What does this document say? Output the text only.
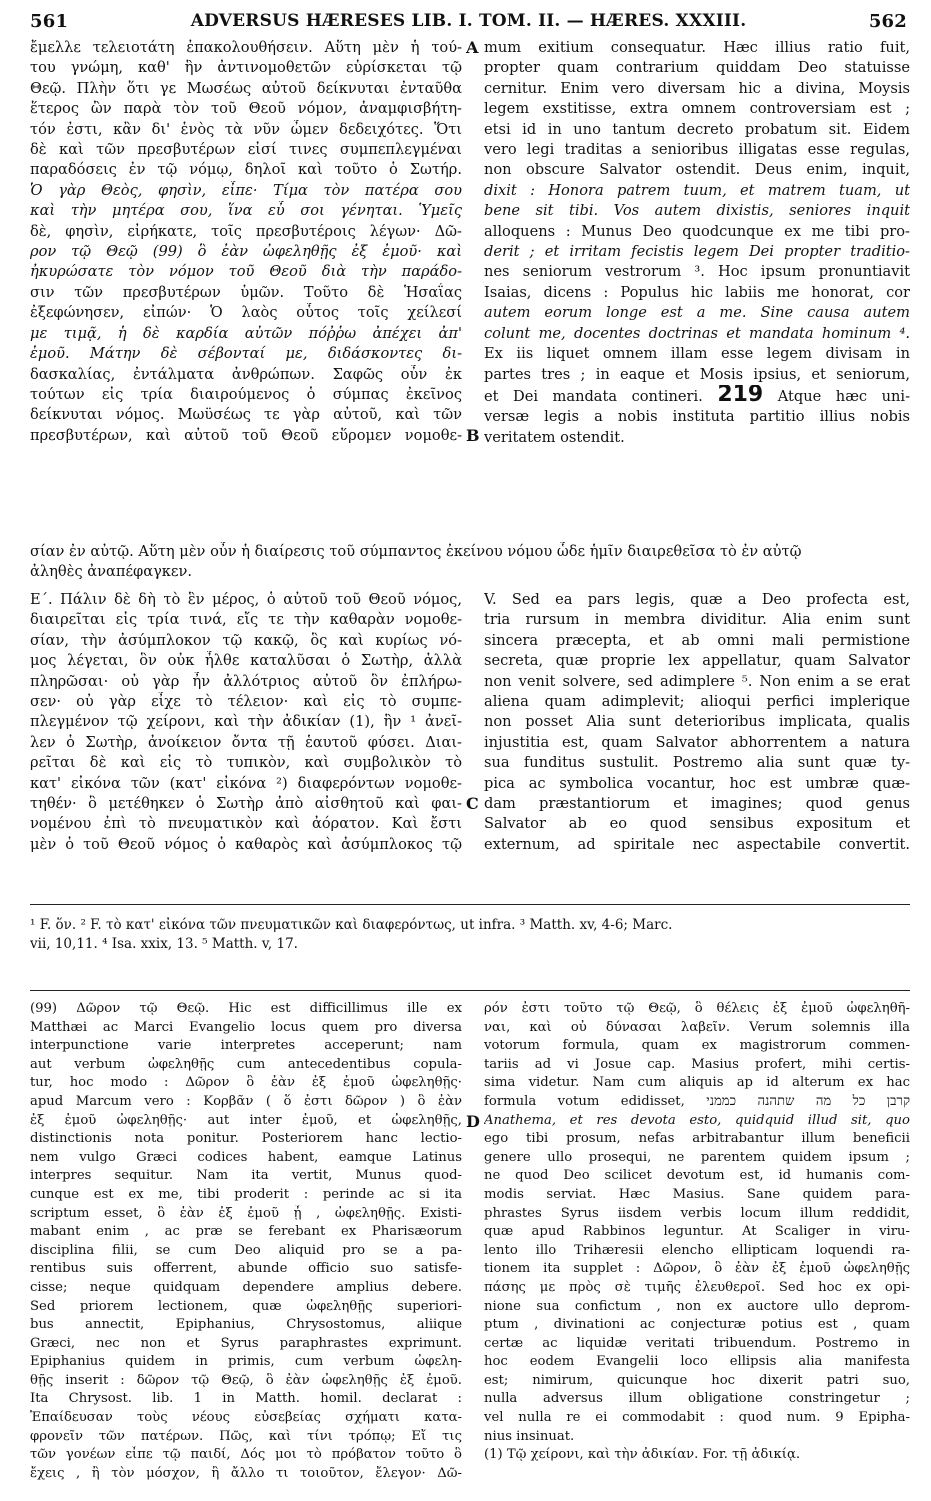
561	ADVERSUS HÆRESES LIB. I. TOM. II. — HÆRES. XXXIII.	562
ἔμελλε τελειοτάτη ἐπακολουθήσειν. Αὕτη μὲν ἡ τού-
του γνώμη, καθ' ἣν ἀντινομοθετῶν εὑρίσκεται τῷ
Θεῷ. Πλὴν ὅτι γε Μωσέως αὐτοῦ δείκνυται ἐνταῦθα
ἕτερος ὢν παρὰ τὸν τοῦ Θεοῦ νόμον, ἀναμφισβήτη-
τόν ἐστι, κἂν δι' ἑνὸς τὰ νῦν ὦμεν δεδειχότες. Ὅτι
δὲ καὶ τῶν πρεσβυτέρων εἰσί τινες συμπεπλεγμέναι
παραδόσεις ἐν τῷ νόμῳ, δηλοῖ καὶ τοῦτο ὁ Σωτήρ.
Ὁ γὰρ Θεὸς, φησὶν, εἶπε· Τίμα τὸν πατέρα σου
καὶ τὴν μητέρα σου, ἵνα εὖ σοι γένηται. Ὑμεῖς
δὲ, φησὶν, εἰρήκατε, τοῖς πρεσβυτέροις λέγων· Δῶ-
ρον τῷ Θεῷ (99) ὃ ἐὰν ὠφεληθῇς ἐξ ἐμοῦ· καὶ
ἠκυρώσατε τὸν νόμον τοῦ Θεοῦ διὰ τὴν παράδο-
σιν τῶν πρεσβυτέρων ὑμῶν. Τοῦτο δὲ Ἡσαΐας
ἐξεφώνησεν, εἰπών· Ὁ λαὸς οὗτος τοῖς χείλεσί
με τιμᾷ, ἡ δὲ καρδία αὐτῶν πόῤῥω ἀπέχει ἀπ'
ἐμοῦ. Μάτην δὲ σέβονταί με, διδάσκοντες δι-
δασκαλίας, ἐντάλματα ἀνθρώπων. Σαφῶς οὖν ἐκ
τούτων εἰς τρία διαιρούμενος ὁ σύμπας ἐκεῖνος
δείκνυται νόμος. Μωϋσέως τε γὰρ αὐτοῦ, καὶ τῶν
πρεσβυτέρων, καὶ αὐτοῦ τοῦ Θεοῦ εὕρομεν νομοθε-
A
B
mum exitium consequatur. Hæc illius ratio fuit,
propter quam contrarium quiddam Deo statuisse
cernitur. Enim vero diversam hic a divina, Moysis
legem exstitisse, extra omnem controversiam est ;
etsi id in uno tantum decreto probatum sit. Eidem
vero legi traditas a senioribus illigatas esse regulas,
non obscure Salvator ostendit. Deus enim, inquit,
dixit : Honora patrem tuum, et matrem tuam, ut
bene sit tibi. Vos autem dixistis, seniores inquit
alloquens : Munus Deo quodcunque ex me tibi pro-
derit ; et irritam fecistis legem Dei propter traditio-
nes seniorum vestrorum ³. Hoc ipsum pronuntiavit
Isaias, dicens : Populus hic labiis me honorat, cor
autem eorum longe est a me. Sine causa autem
colunt me, docentes doctrinas et mandata hominum ⁴.
Ex iis liquet omnem illam esse legem divisam in
partes tres ; in eaque et Mosis ipsius, et seniorum,
et Dei mandata contineri. 219 Atque hæc uni-
versæ legis a nobis instituta partitio illius nobis
veritatem ostendit.
σίαν ἐν αὐτῷ. Αὕτη μὲν οὖν ἡ διαίρεσις τοῦ σύμπαντος ἐκείνου νόμου ὧδε ἡμῖν διαιρεθεῖσα τὸ ἐν αὐτῷ
ἀληθὲς ἀναπέφαγκεν.
Ε΄. Πάλιν δὲ δὴ τὸ ἓν μέρος, ὁ αὐτοῦ τοῦ Θεοῦ νόμος,
διαιρεῖται εἰς τρία τινά, εἴς τε τὴν καθαρὰν νομοθε-
σίαν, τὴν ἀσύμπλοκον τῷ κακῷ, ὃς καὶ κυρίως νό-
μος λέγεται, ὃν οὐκ ἦλθε καταλῦσαι ὁ Σωτὴρ, ἀλλὰ
πληρῶσαι· οὐ γὰρ ἦν ἀλλότριος αὐτοῦ ὃν ἐπλήρω-
σεν· οὐ γὰρ εἶχε τὸ τέλειον· καὶ εἰς τὸ συμπε-
πλεγμένον τῷ χείρονι, καὶ τὴν ἀδικίαν (1), ἣν ¹ ἀνεῖ-
λεν ὁ Σωτὴρ, ἀνοίκειον ὄντα τῇ ἑαυτοῦ φύσει. Διαι-
ρεῖται δὲ καὶ εἰς τὸ τυπικὸν, καὶ συμβολικὸν τὸ
κατ' εἰκόνα τῶν (κατ' εἰκόνα ²) διαφερόντων νομοθε-
τηθέν· ὃ μετέθηκεν ὁ Σωτὴρ ἀπὸ αἰσθητοῦ καὶ φαι-
νομένου ἐπὶ τὸ πνευματικὸν καὶ ἀόρατον. Καὶ ἔστι
μὲν ὁ τοῦ Θεοῦ νόμος ὁ καθαρὸς καὶ ἀσύμπλοκος τῷ
C
V. Sed ea pars legis, quæ a Deo profecta est,
tria rursum in membra dividitur. Alia enim sunt
sincera præcepta, et ab omni mali permistione
secreta, quæ proprie lex appellatur, quam Salvator
non venit solvere, sed adimplere ⁵. Non enim a se erat
aliena quam adimplevit; alioqui perfici implerique
non posset Alia sunt deterioribus implicata, qualis
injustitia est, quam Salvator abhorrentem a natura
sua funditus sustulit. Postremo alia sunt quæ ty-
pica ac symbolica vocantur, hoc est umbræ quæ-
dam præstantiorum et imagines; quod genus
Salvator ab eo quod sensibus expositum et
externum, ad spiritale nec aspectabile convertit.
¹ F. ὅν. ² F. τὸ κατ' εἰκόνα τῶν πνευματικῶν καὶ διαφερόντως, ut infra. ³ Matth. xv, 4-6; Marc.
vii, 10,11. ⁴ Isa. xxix, 13. ⁵ Matth. v, 17.
(99) Δῶρον τῷ Θεῷ. Hic est difficillimus ille ex
Matthæi ac Marci Evangelio locus quem pro diversa
interpunctione varie interpretes acceperunt; nam
aut verbum ὠφεληθῇς cum antecedentibus copula-
tur, hoc modo : Δῶρον ὃ ἐὰν ἐξ ἐμοῦ ὠφεληθῇς·
apud Marcum vero : Κορβᾶν ( ὅ ἐστι δῶρον ) ὃ ἐὰν
ἐξ ἐμοῦ ὠφεληθῇς· aut inter ἐμοῦ, et ὠφεληθῇς,
distinctionis nota ponitur. Posteriorem hanc lectio-
nem vulgo Græci codices habent, eamque Latinus
interpres sequitur. Nam ita vertit, Munus quod-
cunque est ex me, tibi proderit : perinde ac si ita
scriptum esset, ὃ ἐὰν ἐξ ἐμοῦ ᾖ , ὠφεληθῇς. Existi-
mabant enim , ac præ se ferebant ex Pharisæorum
disciplina filii, se cum Deo aliquid pro se a pa-
rentibus suis offerrent, abunde officio suo satisfe-
cisse; neque quidquam dependere amplius debere.
Sed priorem lectionem, quæ ὠφεληθῇς superiori-
bus annectit, Epiphanius, Chrysostomus, aliique
Græci, nec non et Syrus paraphrastes exprimunt.
Epiphanius quidem in primis, cum verbum ὠφελη-
θῇς inserit : δῶρον τῷ Θεῷ, ὃ ἐὰν ὠφεληθῇς ἐξ ἐμοῦ.
Ita Chrysost. lib. 1 in Matth. homil. declarat :
Ἐπαίδευσαν τοὺς νέους εὐσεβείας σχήματι κατα-
φρονεῖν τῶν πατέρων. Πῶς, καὶ τίνι τρόπῳ; Εἴ τις
τῶν γονέων εἶπε τῷ παιδί, Δός μοι τὸ πρόβατον τοῦτο ὃ
ἔχεις , ἢ τὸν μόσχον, ἢ ἄλλο τι τοιοῦτον, ἔλεγον· Δῶ-
D
ρόν ἐστι τοῦτο τῷ Θεῷ, ὃ θέλεις ἐξ ἐμοῦ ὠφεληθῆ-
ναι, καὶ οὐ δύνασαι λαβεῖν. Verum solemnis illa
votorum formula, quam ex magistrorum commen-
tariis ad vi Josue cap. Masius profert, mihi certis-
sima videtur. Nam cum aliquis ap id alterum ex hac
formula votum edidisset, קרבן כל מה שתהנה כממני
Anathema, et res devota esto, quidquid illud sit, quo
ego tibi prosum, nefas arbitrabantur illum beneficii
genere ullo prosequi, ne parentem quidem ipsum ;
ne quod Deo scilicet devotum est, id humanis com-
modis serviat. Hæc Masius. Sane quidem para-
phrastes Syrus iisdem verbis locum illum reddidit,
quæ apud Rabbinos leguntur. At Scaliger in viru-
lento illo Trihæresii elencho ellipticam loquendi ra-
tionem ita supplet : Δῶρον, ὃ ἐὰν ἐξ ἐμοῦ ὠφεληθῇς
πάσης με πρὸς σὲ τιμῆς ἐλευθεροῖ. Sed hoc ex opi-
nione sua confictum , non ex auctore ullo deprom-
ptum , divinationi ac conjecturæ potius est , quam
certæ ac liquidæ veritati tribuendum. Postremo in
hoc eodem Evangelii loco ellipsis alia manifesta
est; nimirum, quicunque hoc dixerit patri suo,
nulla adversus illum obligatione constringetur ;
vel nulla re ei commodabit : quod num. 9 Epipha-
nius insinuat.
(1) Τῷ χείρονι, καὶ τὴν ἀδικίαν. For. τῇ ἀδικίᾳ.
